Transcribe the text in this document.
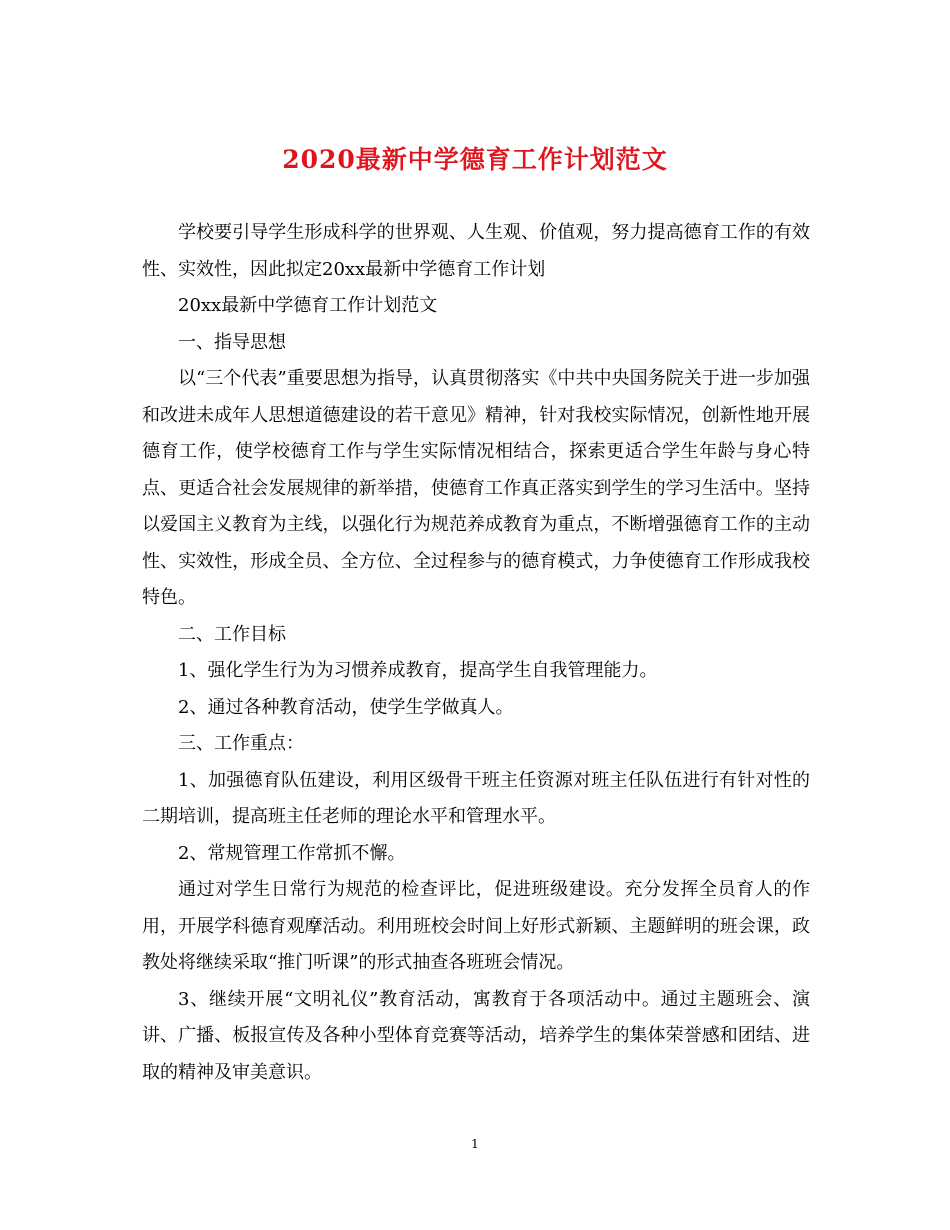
2020最新中学德育工作计划范文

学校要引导学生形成科学的世界观、人生观、价值观，努力提高德育工作的有效性、实效性，因此拟定20xx最新中学德育工作计划

20xx最新中学德育工作计划范文

一、指导思想

以“三个代表”重要思想为指导，认真贯彻落实《中共中央国务院关于进一步加强和改进未成年人思想道德建设的若干意见》精神，针对我校实际情况，创新性地开展德育工作，使学校德育工作与学生实际情况相结合，探索更适合学生年龄与身心特点、更适合社会发展规律的新举措，使德育工作真正落实到学生的学习生活中。坚持以爱国主义教育为主线，以强化行为规范养成教育为重点，不断增强德育工作的主动性、实效性，形成全员、全方位、全过程参与的德育模式，力争使德育工作形成我校特色。

二、工作目标

1、强化学生行为为习惯养成教育，提高学生自我管理能力。

2、通过各种教育活动，使学生学做真人。

三、工作重点：

1、加强德育队伍建设，利用区级骨干班主任资源对班主任队伍进行有针对性的二期培训，提高班主任老师的理论水平和管理水平。

2、常规管理工作常抓不懈。

通过对学生日常行为规范的检查评比，促进班级建设。充分发挥全员育人的作用，开展学科德育观摩活动。利用班校会时间上好形式新颖、主题鲜明的班会课，政教处将继续采取“推门听课”的形式抽查各班班会情况。

3、继续开展“文明礼仪”教育活动，寓教育于各项活动中。通过主题班会、演讲、广播、板报宣传及各种小型体育竞赛等活动，培养学生的集体荣誉感和团结、进取的精神及审美意识。

1
